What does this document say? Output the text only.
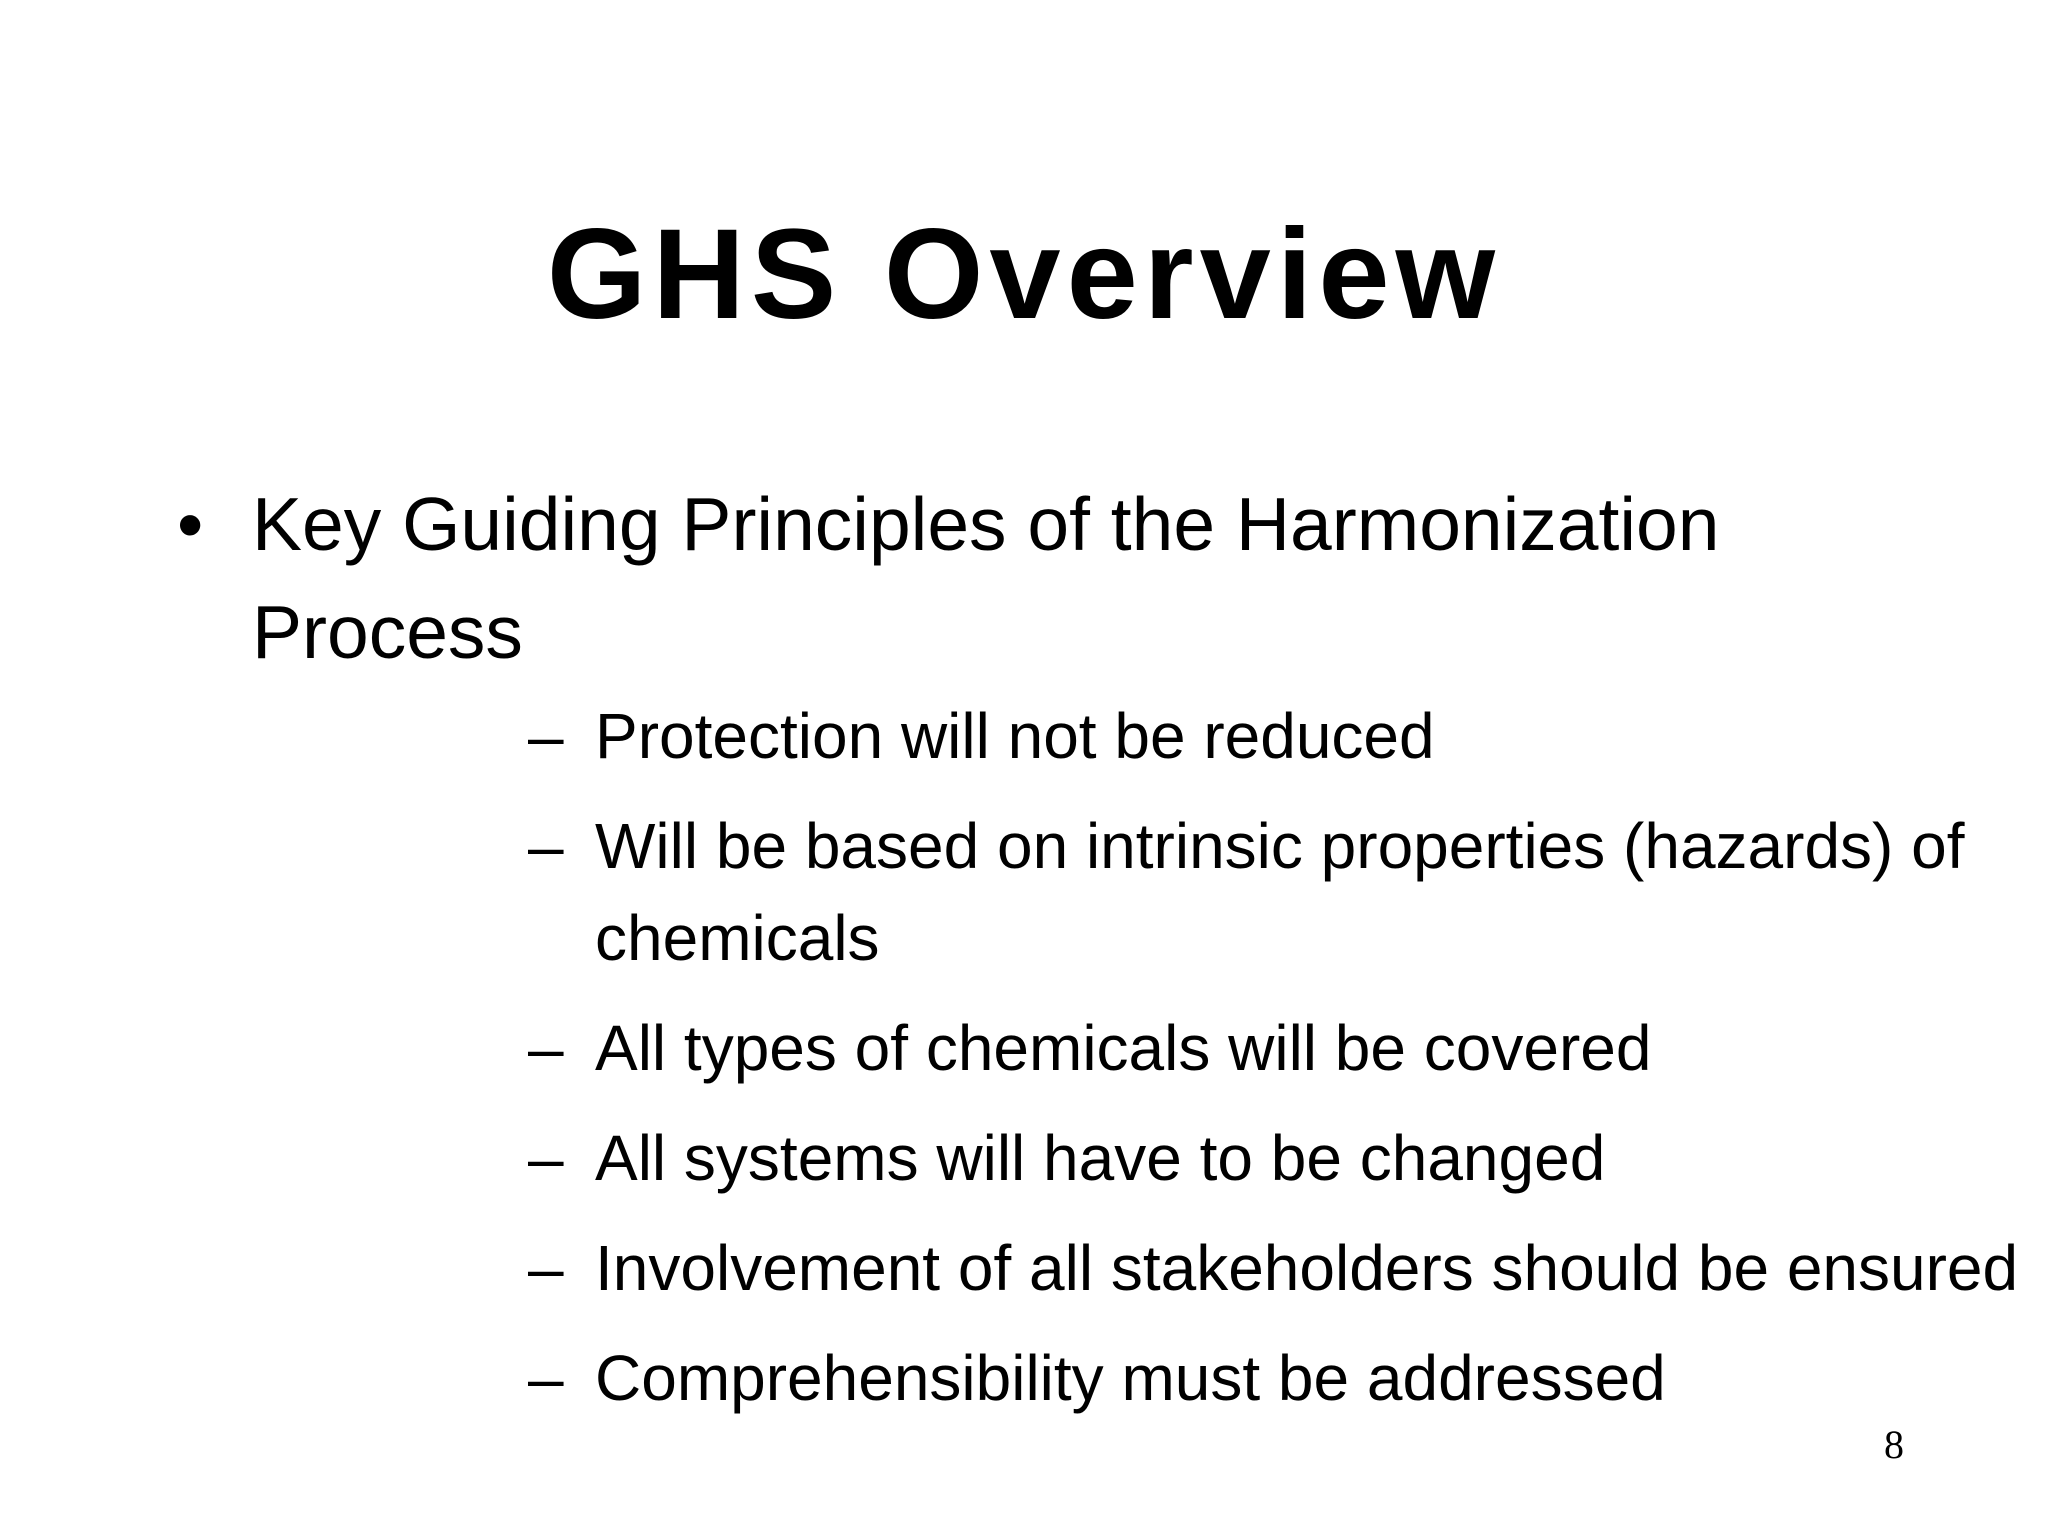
GHS Overview
• Key Guiding Principles of the Harmonization Process
– Protection will not be reduced
– Will be based on intrinsic properties (hazards) of chemicals
– All types of chemicals will be covered
– All systems will have to be changed
– Involvement of all stakeholders should be ensured
– Comprehensibility must be addressed
8
